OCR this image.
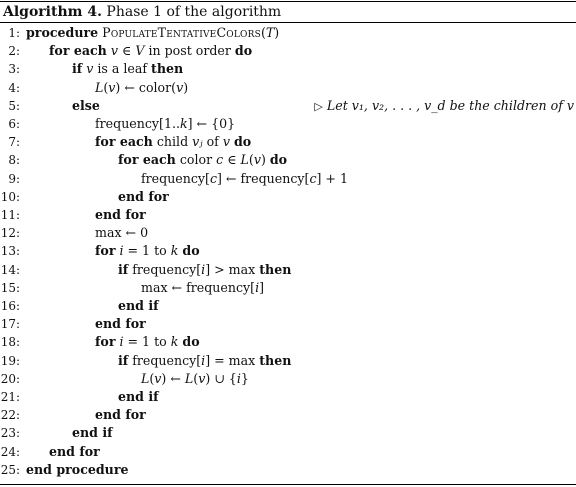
Algorithm 4. Phase 1 of the algorithm
1: procedure PopulateTentativeColors(T)
2: for each v ∈ V in post order do
3:	if v is a leaf then
4:	L(v) ← color(v)
5:	else	▷ Let v₁, v₂, . . . , v_d be the children of v
6:	frequency[1..k] ← {0}
7:	for each child vⱼ of v do
8:	for each color c ∈ L(v) do
9:	frequency[c] ← frequency[c] + 1
10:	end for
11:	end for
12:	max ← 0
13:	for i = 1 to k do
14:	if frequency[i] > max then
15:	max ← frequency[i]
16:	end if
17:	end for
18:	for i = 1 to k do
19:	if frequency[i] = max then
20:	L(v) ← L(v) ∪ {i}
21:	end if
22:	end for
23:	end if
24: end for
25: end procedure
